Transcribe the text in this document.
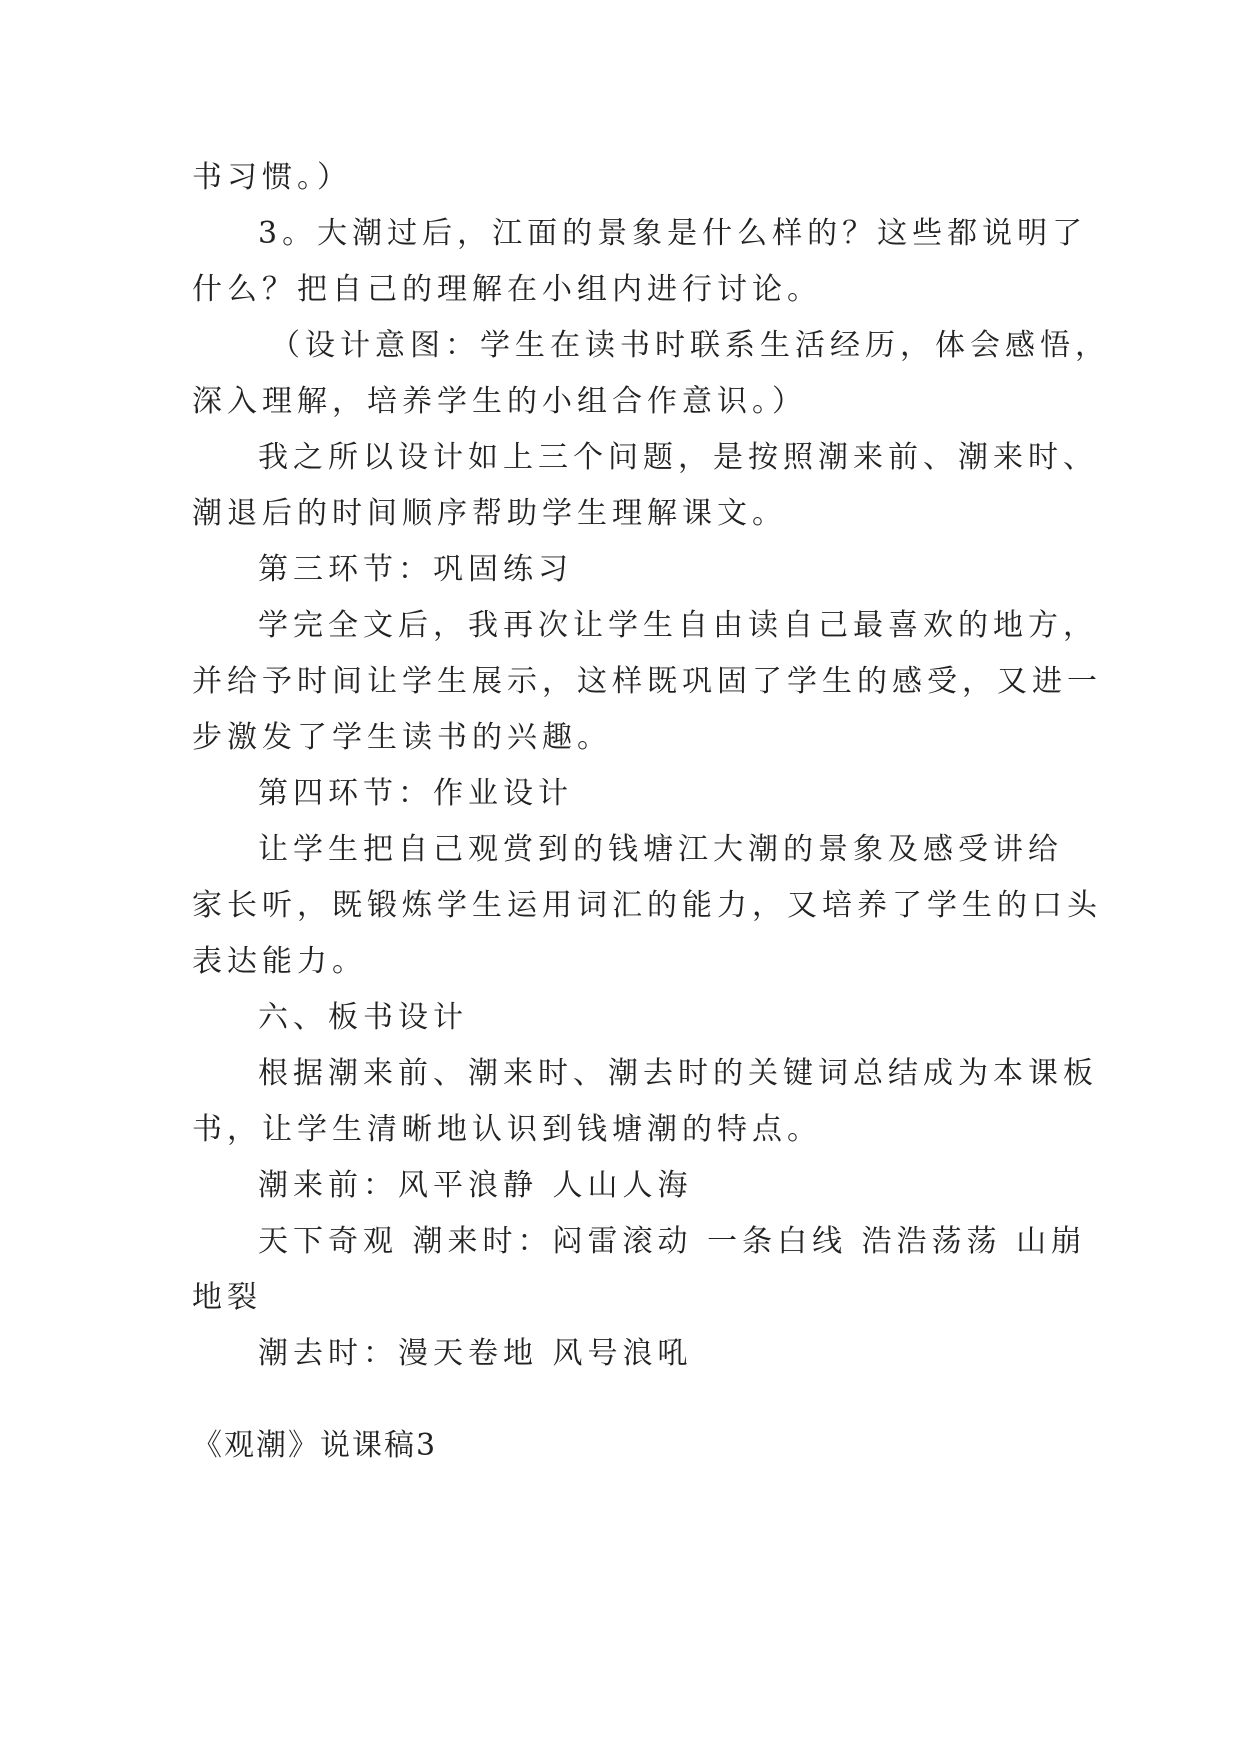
书习惯。）

3。大潮过后，江面的景象是什么样的？这些都说明了

什么？把自己的理解在小组内进行讨论。

（设计意图：学生在读书时联系生活经历，体会感悟，

深入理解，培养学生的小组合作意识。）

我之所以设计如上三个问题，是按照潮来前、潮来时、

潮退后的时间顺序帮助学生理解课文。

第三环节：巩固练习

学完全文后，我再次让学生自由读自己最喜欢的地方，

并给予时间让学生展示，这样既巩固了学生的感受，又进一

步激发了学生读书的兴趣。

第四环节：作业设计

让学生把自己观赏到的钱塘江大潮的景象及感受讲给

家长听，既锻炼学生运用词汇的能力，又培养了学生的口头

表达能力。

六、板书设计

根据潮来前、潮来时、潮去时的关键词总结成为本课板

书，让学生清晰地认识到钱塘潮的特点。

潮来前：风平浪静 人山人海

天下奇观 潮来时：闷雷滚动 一条白线 浩浩荡荡 山崩

地裂

潮去时：漫天卷地 风号浪吼

《观潮》说课稿3
